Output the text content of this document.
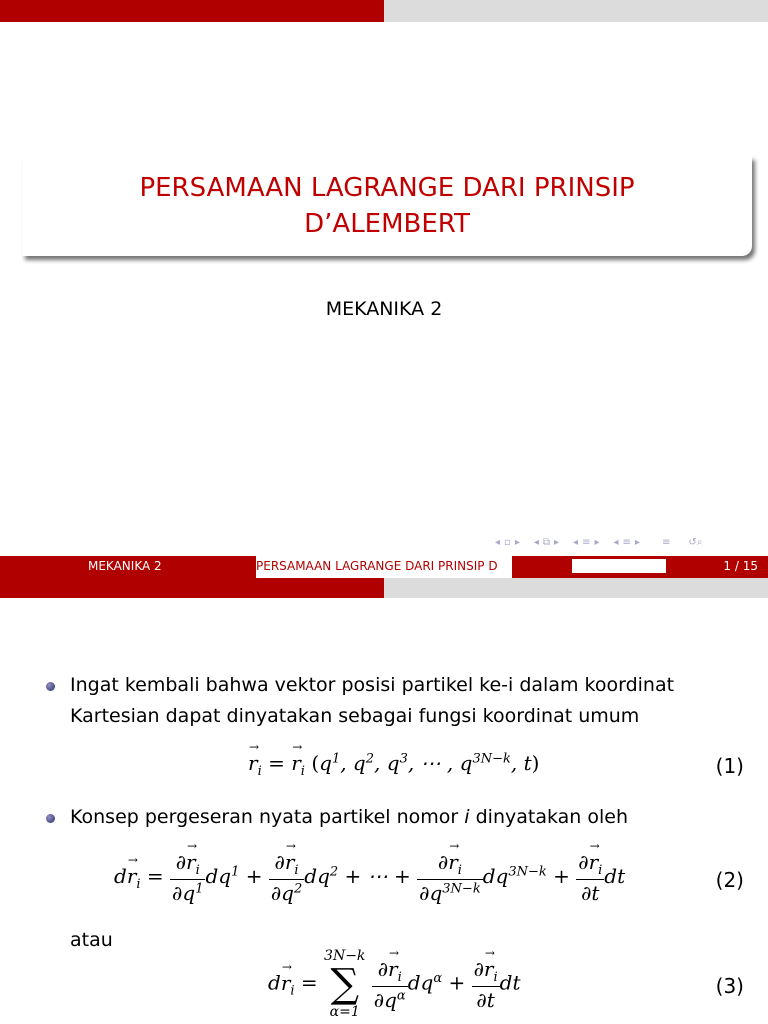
PERSAMAAN LAGRANGE DARI PRINSIP
D’ALEMBERT
MEKANIKA 2
◂ ▫ ▸ ◂ ⧉ ▸ ◂ ≡ ▸ ◂ ≡ ▸ ≡ ↺⌕
MEKANIKA 2	PERSAMAAN LAGRANGE DARI PRINSIP D	1 / 15
Ingat kembali bahwa vektor posisi partikel ke-i dalam koordinat
Kartesian dapat dinyatakan sebagai fungsi koordinat umum
→ $r_i$ = → $r_i$ ($q^1$, $q^2$, $q^3$, ⋯ , $q^{3N-k}$, t)	(1)
Konsep pergeseran nyata partikel nomor i dinyatakan oleh
$d\to r_i = \frac{\partial\to r_i}{\partial q^1} dq^1 + \frac{\partial\to r_i}{\partial q^2} dq^2$ + ⋯ + $\frac{\partial\to r_i}{\partial q^{3N-k}} dq^{3N-k} + \frac{\partial\to r_i}{\partial t}$ dt	(2)
atau
$d\to r_i$ =
3N−k
∑
α=1

$\frac{\partial\to r_i}{\partial q^\alpha} dq^\alpha + \frac{\partial\to r_i}{\partial t}$ dt	(3)
